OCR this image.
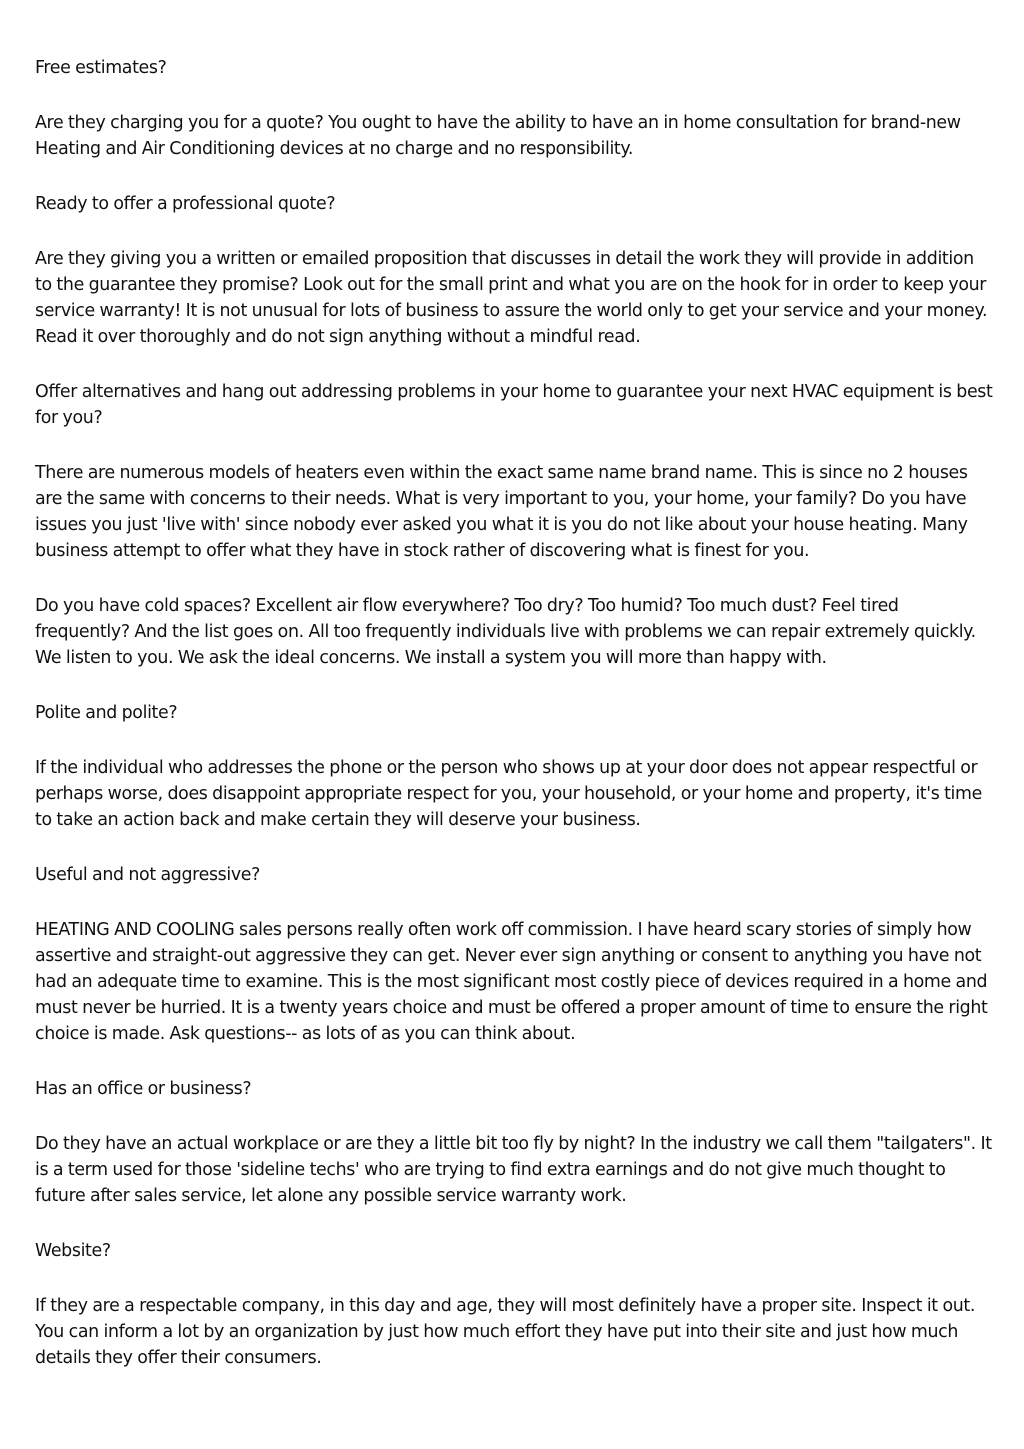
Free estimates?

Are they charging you for a quote? You ought to have the ability to have an in home consultation for brand-new Heating and Air Conditioning devices at no charge and no responsibility.

Ready to offer a professional quote?

Are they giving you a written or emailed proposition that discusses in detail the work they will provide in addition to the guarantee they promise? Look out for the small print and what you are on the hook for in order to keep your service warranty! It is not unusual for lots of business to assure the world only to get your service and your money. Read it over thoroughly and do not sign anything without a mindful read.

Offer alternatives and hang out addressing problems in your home to guarantee your next HVAC equipment is best for you?

There are numerous models of heaters even within the exact same name brand name. This is since no 2 houses are the same with concerns to their needs. What is very important to you, your home, your family? Do you have issues you just 'live with' since nobody ever asked you what it is you do not like about your house heating. Many business attempt to offer what they have in stock rather of discovering what is finest for you.

Do you have cold spaces? Excellent air flow everywhere? Too dry? Too humid? Too much dust? Feel tired frequently? And the list goes on. All too frequently individuals live with problems we can repair extremely quickly. We listen to you. We ask the ideal concerns. We install a system you will more than happy with.

Polite and polite?

If the individual who addresses the phone or the person who shows up at your door does not appear respectful or perhaps worse, does disappoint appropriate respect for you, your household, or your home and property, it's time to take an action back and make certain they will deserve your business.

Useful and not aggressive?

HEATING AND COOLING sales persons really often work off commission. I have heard scary stories of simply how assertive and straight-out aggressive they can get. Never ever sign anything or consent to anything you have not had an adequate time to examine. This is the most significant most costly piece of devices required in a home and must never be hurried. It is a twenty years choice and must be offered a proper amount of time to ensure the right choice is made. Ask questions-- as lots of as you can think about.

Has an office or business?

Do they have an actual workplace or are they a little bit too fly by night? In the industry we call them "tailgaters". It is a term used for those 'sideline techs' who are trying to find extra earnings and do not give much thought to future after sales service, let alone any possible service warranty work.

Website?

If they are a respectable company, in this day and age, they will most definitely have a proper site. Inspect it out. You can inform a lot by an organization by just how much effort they have put into their site and just how much details they offer their consumers.
